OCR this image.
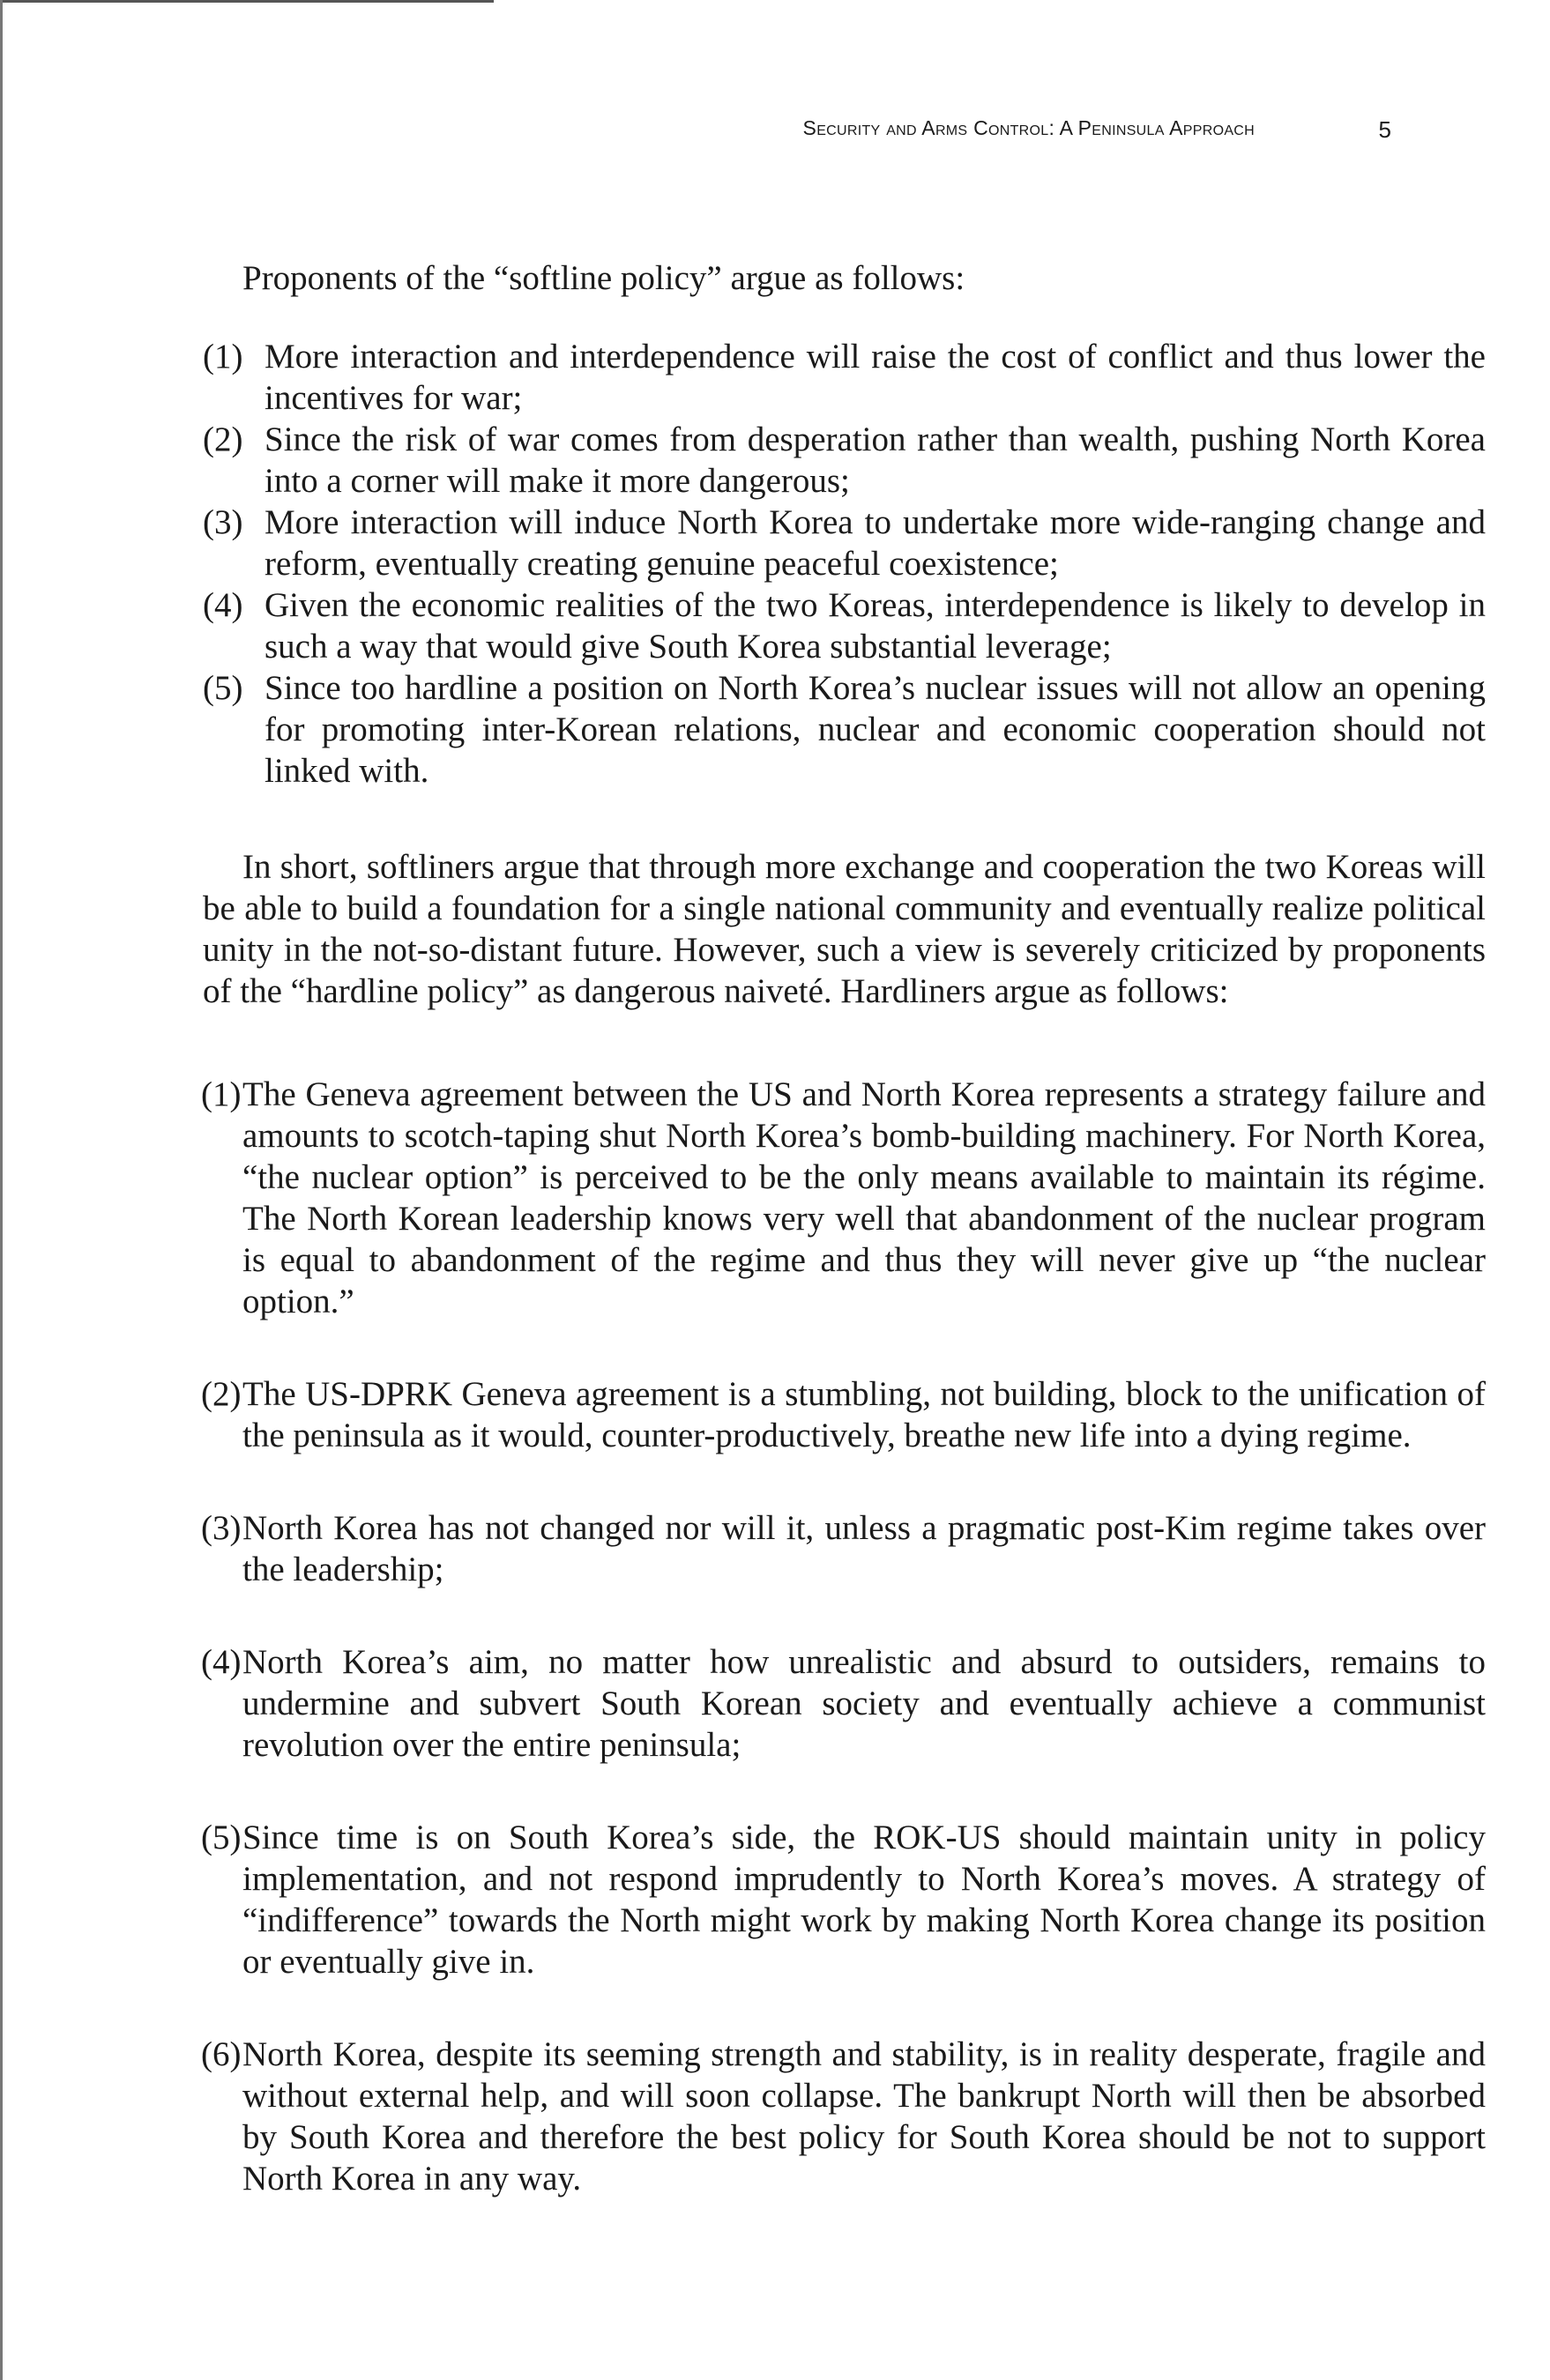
Security and Arms Control: A Peninsula Approach	5

Proponents of the “softline policy” argue as follows:

(1) More interaction and interdependence will raise the cost of conflict and thus lower the incentives for war;
(2) Since the risk of war comes from desperation rather than wealth, pushing North Korea into a corner will make it more dangerous;
(3) More interaction will induce North Korea to undertake more wide-ranging change and reform, eventually creating genuine peaceful coexistence;
(4) Given the economic realities of the two Koreas, interdependence is likely to develop in such a way that would give South Korea substantial leverage;
(5) Since too hardline a position on North Korea’s nuclear issues will not allow an opening for promoting inter-Korean relations, nuclear and economic cooperation should not linked with.

In short, softliners argue that through more exchange and cooperation the two Koreas will be able to build a foundation for a single national community and eventually realize political unity in the not-so-distant future. However, such a view is severely criticized by proponents of the “hardline policy” as dangerous naiveté. Hardliners argue as follows:

(1) The Geneva agreement between the US and North Korea represents a strategy failure and amounts to scotch-taping shut North Korea’s bomb-building machinery. For North Korea, “the nuclear option” is perceived to be the only means available to maintain its régime. The North Korean leadership knows very well that abandonment of the nuclear program is equal to abandonment of the regime and thus they will never give up “the nuclear option.”
(2) The US-DPRK Geneva agreement is a stumbling, not building, block to the unification of the peninsula as it would, counter-productively, breathe new life into a dying regime.
(3) North Korea has not changed nor will it, unless a pragmatic post-Kim regime takes over the leadership;
(4) North Korea’s aim, no matter how unrealistic and absurd to outsiders, remains to undermine and subvert South Korean society and eventually achieve a communist revolution over the entire peninsula;
(5) Since time is on South Korea’s side, the ROK-US should maintain unity in policy implementation, and not respond imprudently to North Korea’s moves. A strategy of “indifference” towards the North might work by making North Korea change its position or eventually give in.
(6) North Korea, despite its seeming strength and stability, is in reality desperate, fragile and without external help, and will soon collapse. The bankrupt North will then be absorbed by South Korea and therefore the best policy for South Korea should be not to support North Korea in any way.
